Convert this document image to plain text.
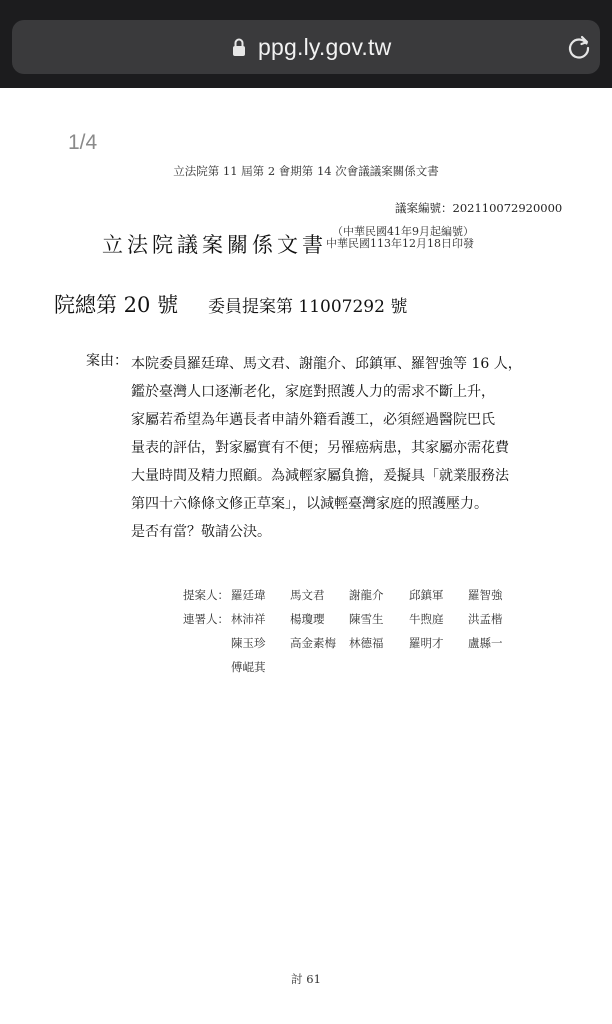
ppg.ly.gov.tw
1/4
立法院第 11 屆第 2 會期第 14 次會議議案關係文書
議案編號：202110072920000
立法院議案關係文書
（中華民國41年9月起編號）
中華民國113年12月18日印發
院總第 20 號 委員提案第 11007292 號
案由： 本院委員羅廷瑋、馬文君、謝龍介、邱鎮軍、羅智強等 16 人，
鑑於臺灣人口逐漸老化，家庭對照護人力的需求不斷上升，
家屬若希望為年邁長者申請外籍看護工，必須經過醫院巴氏
量表的評估，對家屬實有不便；另罹癌病患，其家屬亦需花費
大量時間及精力照顧。為減輕家屬負擔，爰擬具「就業服務法
第四十六條條文修正草案」，以減輕臺灣家庭的照護壓力。
是否有當？敬請公決。
提案人： 羅廷瑋 馬文君 謝龍介 邱鎮軍 羅智強
連署人： 林沛祥 楊瓊瓔 陳雪生 牛煦庭 洪孟楷
陳玉珍 高金素梅 林德福 羅明才 盧縣一
傅崐萁
討 61
